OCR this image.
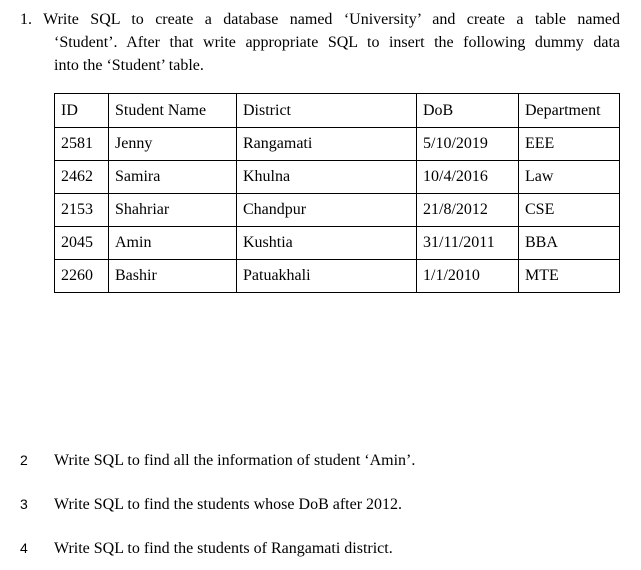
1. Write SQL to create a database named ‘University’ and create a table named
‘Student’. After that write appropriate SQL to insert the following dummy data
into the ‘Student’ table.
ID	Student Name	District	DoB	Department
2581	Jenny	Rangamati	5/10/2019	EEE
2462	Samira	Khulna	10/4/2016	Law
2153	Shahriar	Chandpur	21/8/2012	CSE
2045	Amin	Kushtia	31/11/2011	BBA
2260	Bashir	Patuakhali	1/1/2010	MTE
2 Write SQL to find all the information of student ‘Amin’.
3 Write SQL to find the students whose DoB after 2012.
4 Write SQL to find the students of Rangamati district.
